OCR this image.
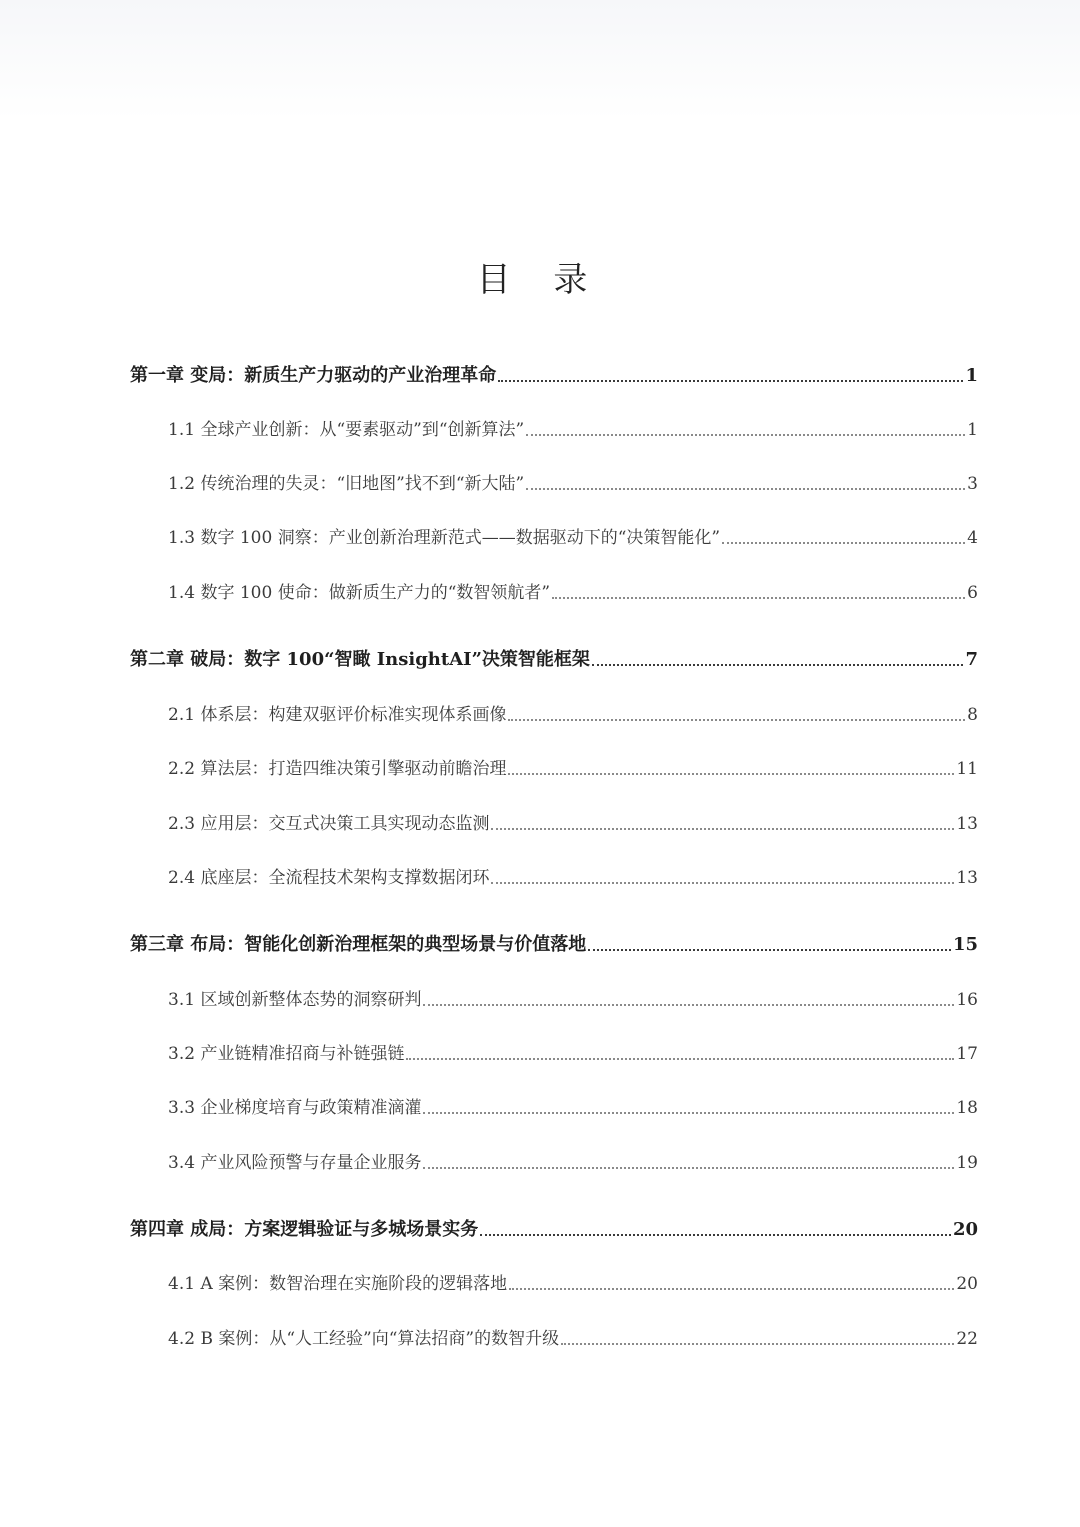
目 录
第一章 变局：新质生产力驱动的产业治理革命	1
1.1 全球产业创新：从“要素驱动”到“创新算法”	1
1.2 传统治理的失灵：“旧地图”找不到“新大陆”	3
1.3 数字 100 洞察：产业创新治理新范式——数据驱动下的“决策智能化”	4
1.4 数字 100 使命：做新质生产力的“数智领航者”	6
第二章 破局：数字 100“智瞰 InsightAI”决策智能框架	7
2.1 体系层：构建双驱评价标准实现体系画像	8
2.2 算法层：打造四维决策引擎驱动前瞻治理	11
2.3 应用层：交互式决策工具实现动态监测	13
2.4 底座层：全流程技术架构支撑数据闭环	13
第三章 布局：智能化创新治理框架的典型场景与价值落地	15
3.1 区域创新整体态势的洞察研判	16
3.2 产业链精准招商与补链强链	17
3.3 企业梯度培育与政策精准滴灌	18
3.4 产业风险预警与存量企业服务	19
第四章 成局：方案逻辑验证与多城场景实务	20
4.1 A 案例：数智治理在实施阶段的逻辑落地	20
4.2 B 案例：从“人工经验”向“算法招商”的数智升级	22
